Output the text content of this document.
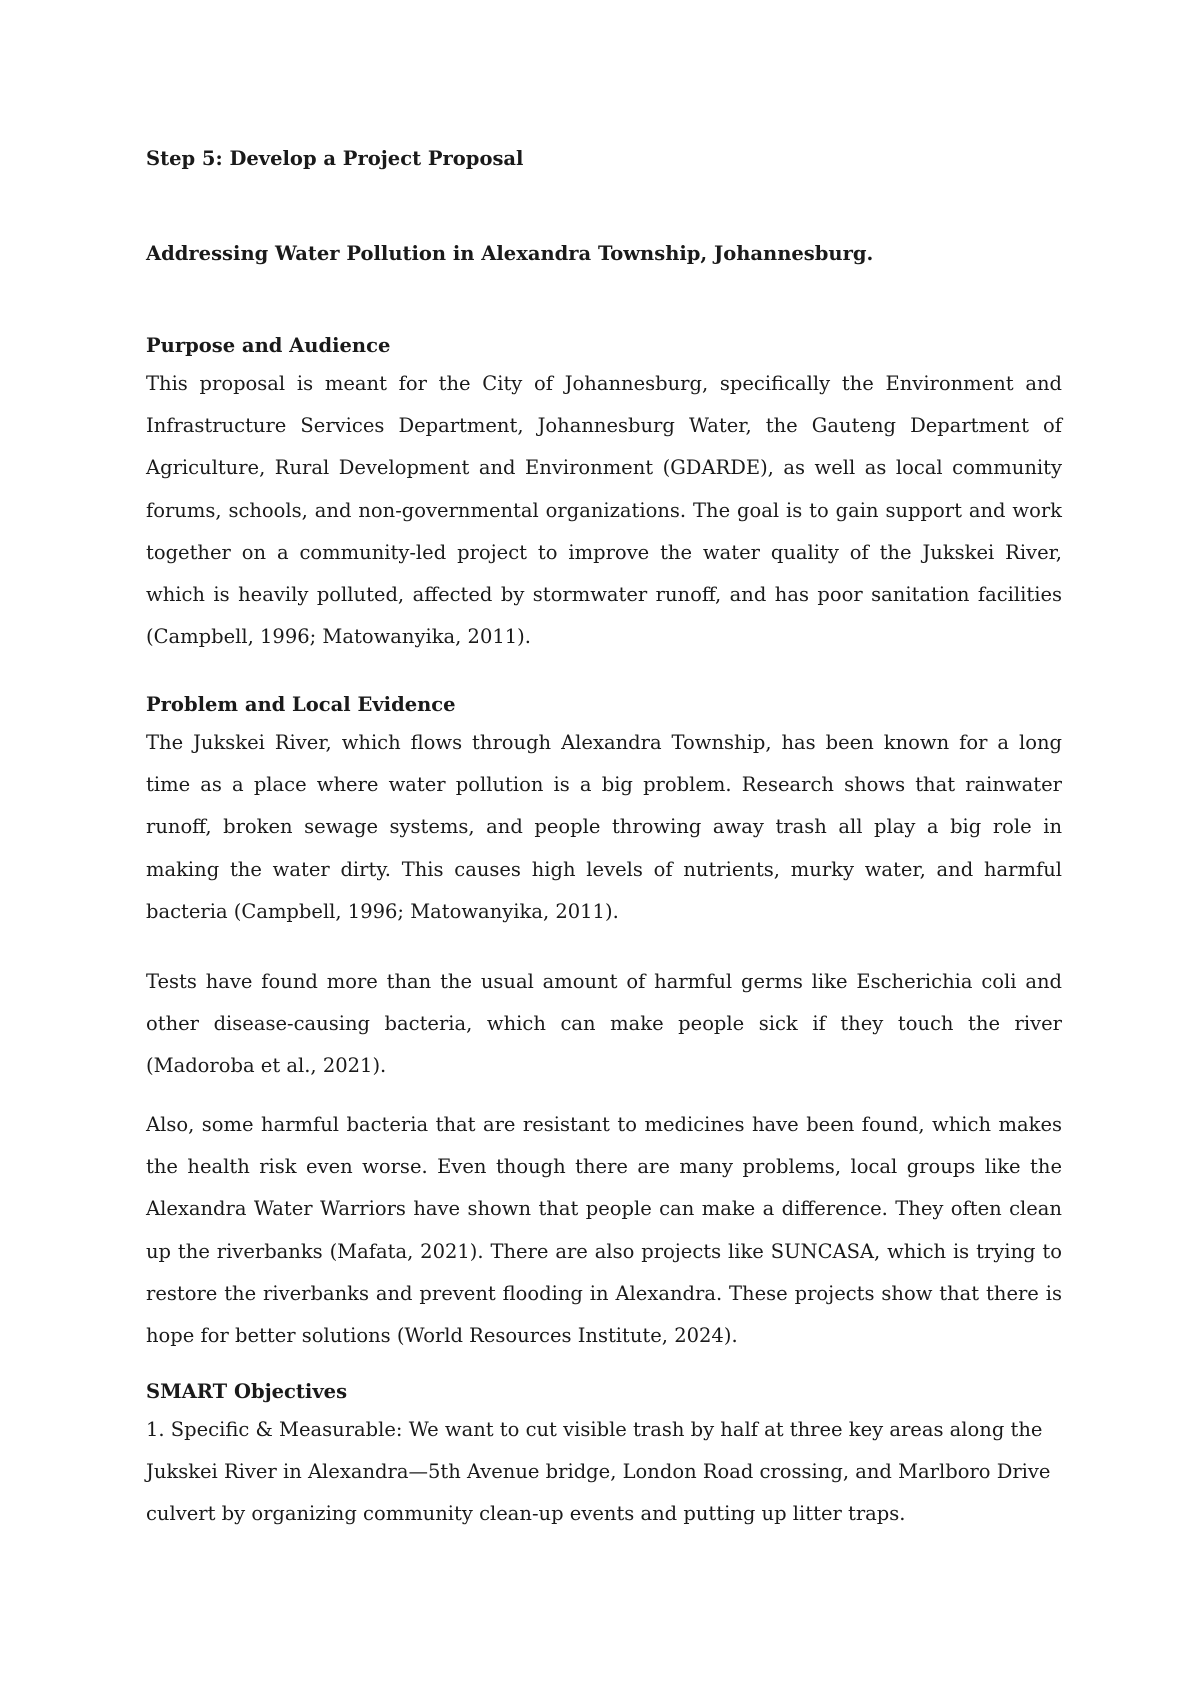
Step 5: Develop a Project Proposal
Addressing Water Pollution in Alexandra Township, Johannesburg.
Purpose and Audience

This proposal is meant for the City of Johannesburg, specifically the Environment and Infrastructure Services Department, Johannesburg Water, the Gauteng Department of Agriculture, Rural Development and Environment (GDARDE), as well as local community forums, schools, and non-governmental organizations. The goal is to gain support and work together on a community-led project to improve the water quality of the Jukskei River, which is heavily polluted, affected by stormwater runoff, and has poor sanitation facilities (Campbell, 1996; Matowanyika, 2011).

Problem and Local Evidence

The Jukskei River, which flows through Alexandra Township, has been known for a long time as a place where water pollution is a big problem. Research shows that rainwater runoff, broken sewage systems, and people throwing away trash all play a big role in making the water dirty. This causes high levels of nutrients, murky water, and harmful bacteria (Campbell, 1996; Matowanyika, 2011).

Tests have found more than the usual amount of harmful germs like Escherichia coli and other disease-causing bacteria, which can make people sick if they touch the river (Madoroba et al., 2021).

Also, some harmful bacteria that are resistant to medicines have been found, which makes the health risk even worse. Even though there are many problems, local groups like the Alexandra Water Warriors have shown that people can make a difference. They often clean up the riverbanks (Mafata, 2021). There are also projects like SUNCASA, which is trying to restore the riverbanks and prevent flooding in Alexandra. These projects show that there is hope for better solutions (World Resources Institute, 2024).

SMART Objectives

1. Specific & Measurable: We want to cut visible trash by half at three key areas along the Jukskei River in Alexandra—5th Avenue bridge, London Road crossing, and Marlboro Drive culvert by organizing community clean-up events and putting up litter traps.
